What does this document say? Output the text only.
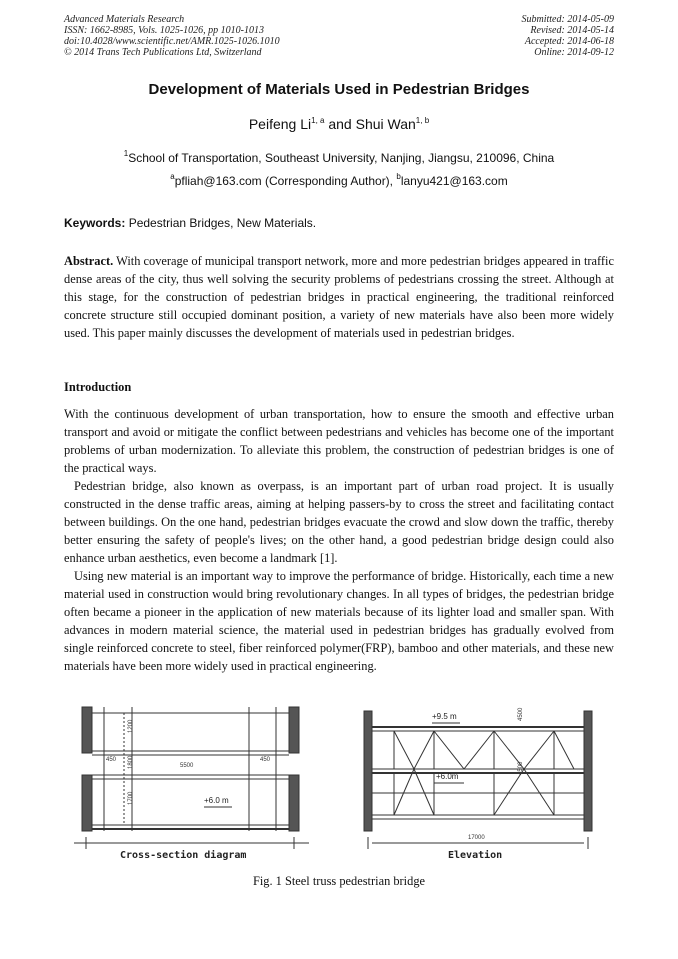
Advanced Materials Research
ISSN: 1662-8985, Vols. 1025-1026, pp 1010-1013
doi:10.4028/www.scientific.net/AMR.1025-1026.1010
© 2014 Trans Tech Publications Ltd, Switzerland
Submitted: 2014-05-09
Revised: 2014-05-14
Accepted: 2014-06-18
Online: 2014-09-12
Development of Materials Used in Pedestrian Bridges
Peifeng Li$^{1, a}$ and Shui Wan$^{1, b}$
$^1$School of Transportation, Southeast University, Nanjing, Jiangsu, 210096, China
$^a$pfliah@163.com (Corresponding Author), $^b$lanyu421@163.com
Keywords: Pedestrian Bridges, New Materials.
Abstract. With coverage of municipal transport network, more and more pedestrian bridges appeared in traffic dense areas of the city, thus well solving the security problems of pedestrians crossing the street. Although at this stage, for the construction of pedestrian bridges in practical engineering, the traditional reinforced concrete structure still occupied dominant position, a variety of new materials have also been more widely used. This paper mainly discusses the development of materials used in pedestrian bridges.
Introduction

With the continuous development of urban transportation, how to ensure the smooth and effective urban transport and avoid or mitigate the conflict between pedestrians and vehicles has become one of the important problems of urban modernization. To alleviate this problem, the construction of pedestrian bridges is one of the practical ways.

Pedestrian bridge, also known as overpass, is an important part of urban road project. It is usually constructed in the dense traffic areas, aiming at helping passers-by to cross the street and facilitating contact between buildings. On the one hand, pedestrian bridges evacuate the crowd and slow down the traffic, thereby better ensuring the safety of people's lives; on the other hand, a good pedestrian bridge design could also enhance urban aesthetics, even become a landmark [1].

Using new material is an important way to improve the performance of bridge. Historically, each time a new material used in construction would bring revolutionary changes. In all types of bridges, the pedestrian bridge often became a pioneer in the application of new materials because of its lighter load and smaller span. With advances in modern material science, the material used in pedestrian bridges has gradually evolved from single reinforced concrete to steel, fiber reinforced polymer(FRP), bamboo and other materials, and these new materials have been more widely used in practical engineering.

1200
1800
1700
450	450
5500
4500
4500
17000
+6.0 m
+9.5 m
+6.0m
Cross-section diagram	Elevation
Fig. 1 Steel truss pedestrian bridge
